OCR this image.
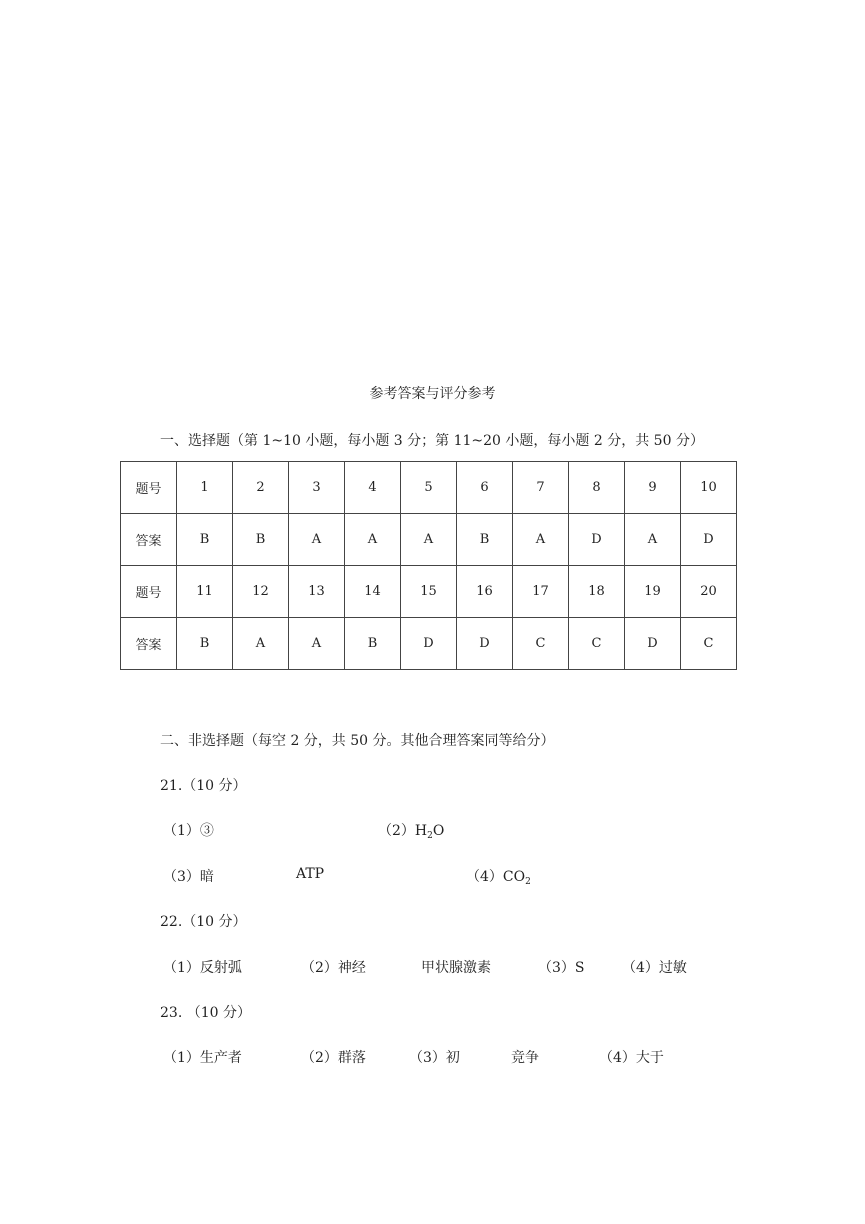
参考答案与评分参考
一、选择题（第 1~10 小题，每小题 3 分；第 11~20 小题，每小题 2 分，共 50 分）
题号	1	2	3	4	5	6	7	8	9	10
答案	B	B	A	A	A	B	A	D	A	D
题号	11	12	13	14	15	16	17	18	19	20
答案	B	A	A	B	D	D	C	C	D	C
二、非选择题（每空 2 分，共 50 分。其他合理答案同等给分）
21.（10 分）
（1）③	$(2)H_2O$
（3）暗	ATP	$(4)CO_2$
22.（10 分）
（1）反射弧	（2）神经	甲状腺激素	（3）S	（4）过敏
23. （10 分）
（1）生产者	（2）群落	（3）初	竞争	（4）大于
